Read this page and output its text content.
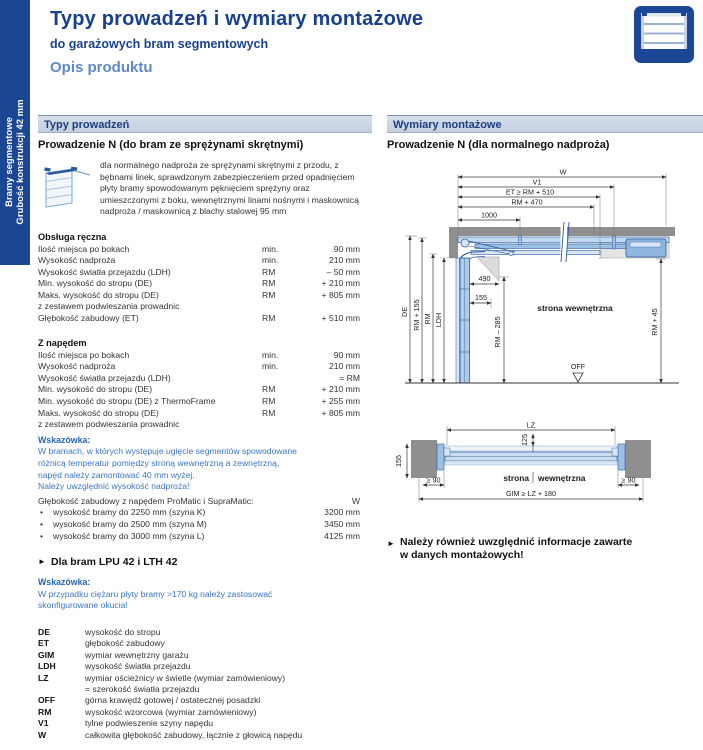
Bramy segmentowe
Grubość konstrukcji 42 mm
Typy prowadzeń i wymiary montażowe
do garażowych bram segmentowych
Opis produktu
Typy prowadzeń
Prowadzenie N (do bram ze sprężynami skrętnymi)
dla normalnego nadproża ze sprężynami skrętnymi z przodu, z bębnami linek, sprawdzonym zabezpieczeniem przed opadnięciem płyty bramy spowodowanym pęknięciem sprężyny oraz umieszczonymi z boku, wewnętrznymi linami nośnymi i maskownicą nadproża / maskownicą z blachy stalowej 95 mm
Obsługa ręczna
Ilość miejsca po bokach	min.	90 mm
Wysokość nadproża	min.	210 mm
Wysokość światła przejazdu (LDH)	RM	– 50 mm
Min. wysokość do stropu (DE)	RM	+ 210 mm
Maks. wysokość do stropu (DE)	RM	+ 805 mm
z zestawem podwieszania prowadnic
Głębokość zabudowy (ET)	RM	+ 510 mm
Z napędem
Ilość miejsca po bokach	min.	90 mm
Wysokość nadproża	min.	210 mm
Wysokość światła przejazdu (LDH)	= RM
Min. wysokość do stropu (DE)	RM	+ 210 mm
Min. wysokość do stropu (DE) z ThermoFrame	RM	+ 255 mm
Maks. wysokość do stropu (DE)	RM	+ 805 mm
z zestawem podwieszania prowadnic
Wskazówka:
W bramach, w których występuje ugięcie segmentów spowodowane
różnicą temperatur pomiędzy stroną wewnętrzną a zewnętrzną,
napęd należy zamontować 40 mm wyżej.
Należy uwzględnić wysokość nadproża!
Głębokość zabudowy z napędem ProMatic i SupraMatic:	W
•	wysokość bramy do 2250 mm (szyna K)	3200 mm
•	wysokość bramy do 2500 mm (szyna M)	3450 mm
•	wysokość bramy do 3000 mm (szyna L)	4125 mm
► Dla bram LPU 42 i LTH 42
Wskazówka:
W przypadku ciężaru płyty bramy >170 kg należy zastosować
skonfigurowane okucia!
DE	wysokość do stropu
ET	głębokość zabudowy
GIM	wymiar wewnętrzny garażu
LDH	wysokość światła przejazdu
LZ	wymiar ościeżnicy w świetle (wymiar zamówieniowy)
= szerokość światła przejazdu
OFF	górna krawędź gotowej / ostatecznej posadzki
RM	wysokość wzorcowa (wymiar zamówieniowy)
V1	tylne podwieszenie szyny napędu
W	całkowita głębokość zabudowy, łącznie z głowicą napędu
Wymiary montażowe
Prowadzenie N (dla normalnego nadproża)
W
V1
ET ≥ RM + 510
RM + 470
1000
DE RM + 155 RM LDH
490
155
RM – 285	RM + 45
strona wewnętrzna
OFF
LZ
125
155
≥ 90	≥ 90
GIM ≥ LZ + 180
strona wewnętrzna
► Należy również uwzględnić informacje zawarte
w danych montażowych!
